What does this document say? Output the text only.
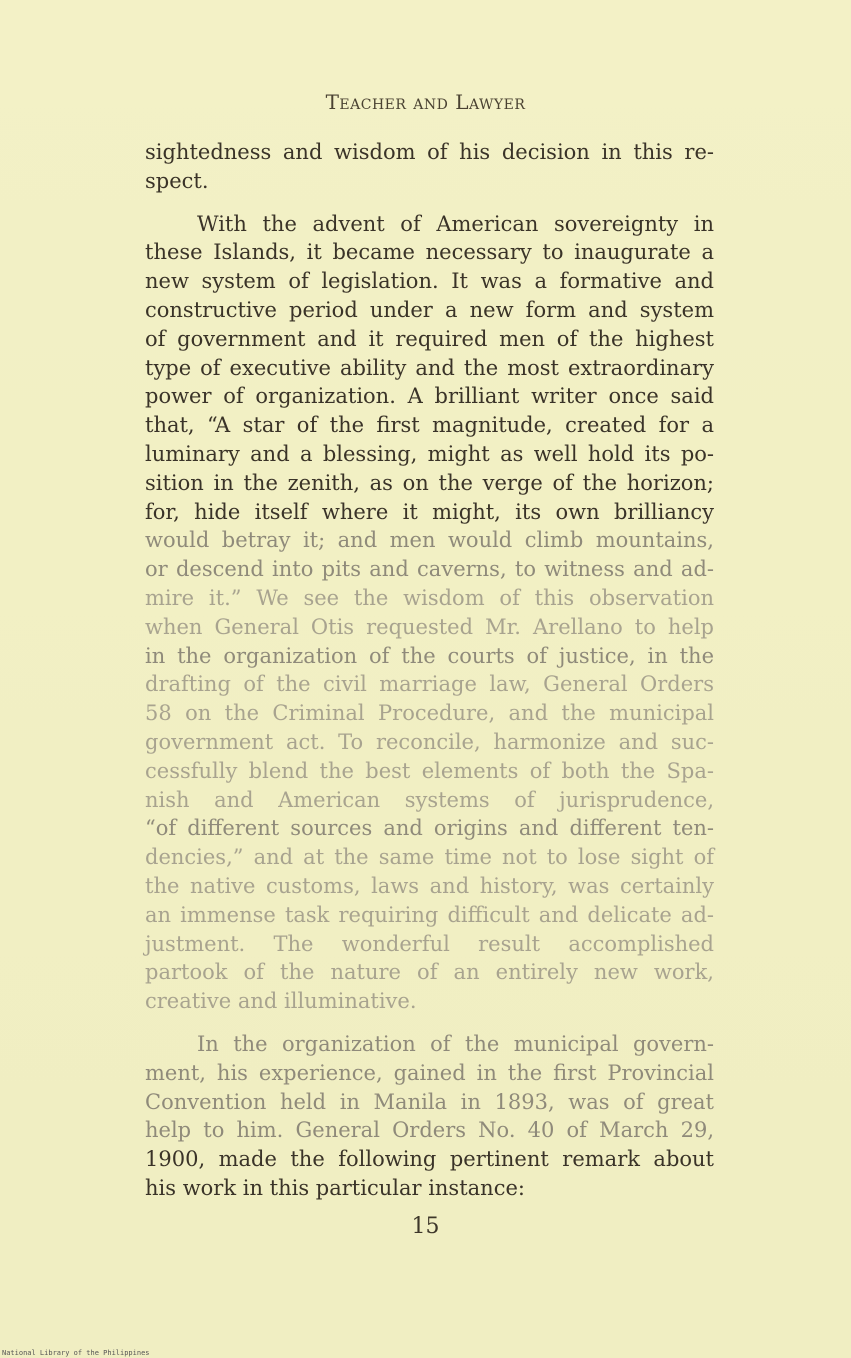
Teacher and Lawyer

sightedness and wisdom of his decision in this re-
spect.

With the advent of American sovereignty in
these Islands, it became necessary to inaugurate a
new system of legislation. It was a formative and
constructive period under a new form and system
of government and it required men of the highest
type of executive ability and the most extraordinary
power of organization. A brilliant writer once said
that, “A star of the first magnitude, created for a
luminary and a blessing, might as well hold its po-
sition in the zenith, as on the verge of the horizon;
for, hide itself where it might, its own brilliancy
would betray it; and men would climb mountains,
or descend into pits and caverns, to witness and ad-
mire it.” We see the wisdom of this observation
when General Otis requested Mr. Arellano to help
in the organization of the courts of justice, in the
drafting of the civil marriage law, General Orders
58 on the Criminal Procedure, and the municipal
government act. To reconcile, harmonize and suc-
cessfully blend the best elements of both the Spa-
nish and American systems of jurisprudence,
“of different sources and origins and different ten-
dencies,” and at the same time not to lose sight of
the native customs, laws and history, was certainly
an immense task requiring difficult and delicate ad-
justment. The wonderful result accomplished
partook of the nature of an entirely new work,
creative and illuminative.

In the organization of the municipal govern-
ment, his experience, gained in the first Provincial
Convention held in Manila in 1893, was of great
help to him. General Orders No. 40 of March 29,
1900, made the following pertinent remark about
his work in this particular instance:

15
National Library of the Philippines
